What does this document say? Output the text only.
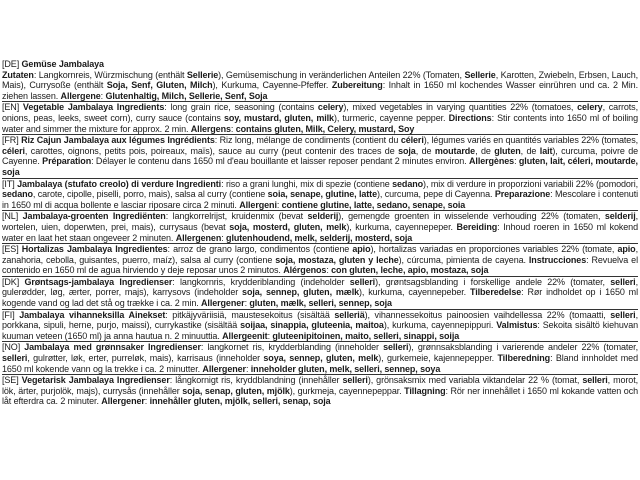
[DE] Gemüse Jambalaya
Zutaten: Langkornreis, Würzmischung (enthält Sellerie), Gemüsemischung in veränderlichen Anteilen 22% (Tomaten, Sellerie, Karotten, Zwiebeln, Erbsen, Lauch, Mais), Currysoße (enthält Soja, Senf, Gluten, Milch), Kurkuma, Cayenne-Pfeffer. Zubereitung: Inhalt in 1650 ml kochendes Wasser einrühren und ca. 2 Min. ziehen lassen. Allergene: Glutenhaltig, Milch, Sellerie, Senf, Soja

[EN] Vegetable Jambalaya Ingredients: long grain rice, seasoning (contains celery), mixed vegetables in varying quantities 22% (tomatoes, celery, carrots, onions, peas, leeks, sweet corn), curry sauce (contains soy, mustard, gluten, milk), turmeric, cayenne pepper. Directions: Stir contents into 1650 ml of boiling water and simmer the mixture for approx. 2 min. Allergens: contains gluten, Milk, Celery, mustard, Soy

[FR] Riz Cajun Jambalaya aux légumes Ingrédients: Riz long, mélange de condiments (contient du céleri), légumes variés en quantités variables 22% (tomates, céleri, carottes, oignons, petits pois, poireaux, maïs), sauce au curry (peut contenir des traces de soja, de moutarde, de gluten, de lait), curcuma, poivre de Cayenne. Préparation: Délayer le contenu dans 1650 ml d'eau bouillante et laisser reposer pendant 2 minutes environ. Allergènes: gluten, lait, céleri, moutarde, soja

[IT] Jambalaya (stufato creolo) di verdure Ingredienti: riso a grani lunghi, mix di spezie (contiene sedano), mix di verdure in proporzioni variabili 22% (pomodori, sedano, carote, cipolle, piselli, porro, mais), salsa al curry (contiene soia, senape, glutine, latte), curcuma, pepe di Cayenna. Preparazione: Mescolare i contenuti in 1650 ml di acqua bollente e lasciar riposare circa 2 minuti. Allergeni: contiene glutine, latte, sedano, senape, soia

[NL] Jambalaya-groenten Ingrediënten: langkorrelrijst, kruidenmix (bevat selderij), gemengde groenten in wisselende verhouding 22% (tomaten, selderij, wortelen, uien, doperwten, prei, mais), currysaus (bevat soja, mosterd, gluten, melk), kurkuma, cayennepeper. Bereiding: Inhoud roeren in 1650 ml kokend water en laat het staan ongeveer 2 minuten. Allergenen: glutenhoudend, melk, selderij, mosterd, soja

[ES] Hortalizas Jambalaya Ingredientes: arroz de grano largo, condimentos (contiene apio), hortalizas variadas en proporciones variables 22% (tomate, apio, zanahoria, cebolla, guisantes, puerro, maíz), salsa al curry (contiene soja, mostaza, gluten y leche), cúrcuma, pimienta de cayena. Instrucciones: Revuelva el contenido en 1650 ml de agua hirviendo y deje reposar unos 2 minutos. Alérgenos: con gluten, leche, apio, mostaza, soja

[DK] Grøntsags-jambalaya Ingredienser: langkornris, krydderiblanding (indeholder selleri), grøntsagsblanding i forskellige andele 22% (tomater, selleri, gulerødder, løg, ærter, porrer, majs), karrysovs (indeholder soja, sennep, gluten, mælk), kurkuma, cayennepeber. Tilberedelse: Rør indholdet op i 1650 ml kogende vand og lad det stå og trække i ca. 2 min. Allergener: gluten, mælk, selleri, sennep, soja

[FI] Jambalaya vihanneksilla Ainekset: pitkäjyväriisiä, maustesekoitus (sisältää selleriä), vihannessekoitus painoosien vaihdellessa 22% (tomaatti, selleri, porkkana, sipuli, herne, purjo, maissi), currykastike (sisältää soijaa, sinappia, gluteenia, maitoa), kurkuma, cayennepippuri. Valmistus: Sekoita sisältö kiehuvan kuuman veteen (1650 ml) ja anna hautua n. 2 minuuttia. Allergeenit: gluteenipitoinen, maito, selleri, sinappi, soija

[NO] Jambalaya med grønnsaker Ingredienser: langkornet ris, krydderblanding (inneholder selleri), grønnsaksblanding i varierende andeler 22% (tomater, selleri, gulrøtter, løk, erter, purreløk, mais), karrisaus (inneholder soya, sennep, gluten, melk), gurkemeie, kajennepepper. Tilberedning: Bland innholdet med 1650 ml kokende vann og la trekke i ca. 2 minutter. Allergener: inneholder gluten, melk, selleri, sennep, soya

[SE] Vegetarisk Jambalaya Ingredienser: långkornigt ris, kryddblandning (innehåller selleri), grönsaksmix med variabla viktandelar 22 % (tomat, selleri, morot, lök, ärter, purjolök, majs), currysås (innehåller soja, senap, gluten, mjölk), gurkmeja, cayennepeppar. Tillagning: Rör ner innehållet i 1650 ml kokande vatten och låt efterdra ca. 2 minuter. Allergener: innehåller gluten, mjölk, selleri, senap, soja
